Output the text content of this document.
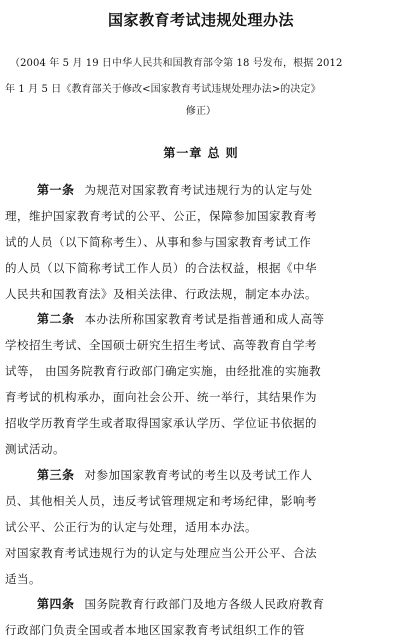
国家教育考试违规处理办法
（2004 年 5 月 19 日中华人民共和国教育部令第 18 号发布，根据 2012
年 1 月 5 日《教育部关于修改<国家教育考试违规处理办法>的决定》
修正）
第一章 总 则
第一条 为规范对国家教育考试违规行为的认定与处
理，维护国家教育考试的公平、公正，保障参加国家教育考
试的人员（以下简称考生）、从事和参与国家教育考试工作
的人员（以下简称考试工作人员）的合法权益，根据《中华
人民共和国教育法》及相关法律、行政法规，制定本办法。
第二条 本办法所称国家教育考试是指普通和成人高等
学校招生考试、全国硕士研究生招生考试、高等教育自学考
试等， 由国务院教育行政部门确定实施，由经批准的实施教
育考试的机构承办，面向社会公开、统一举行，其结果作为
招收学历教育学生或者取得国家承认学历、学位证书依据的
测试活动。
第三条 对参加国家教育考试的考生以及考试工作人
员、其他相关人员，违反考试管理规定和考场纪律，影响考
试公平、公正行为的认定与处理，适用本办法。
对国家教育考试违规行为的认定与处理应当公开公平、合法
适当。
第四条 国务院教育行政部门及地方各级人民政府教育
行政部门负责全国或者本地区国家教育考试组织工作的管
